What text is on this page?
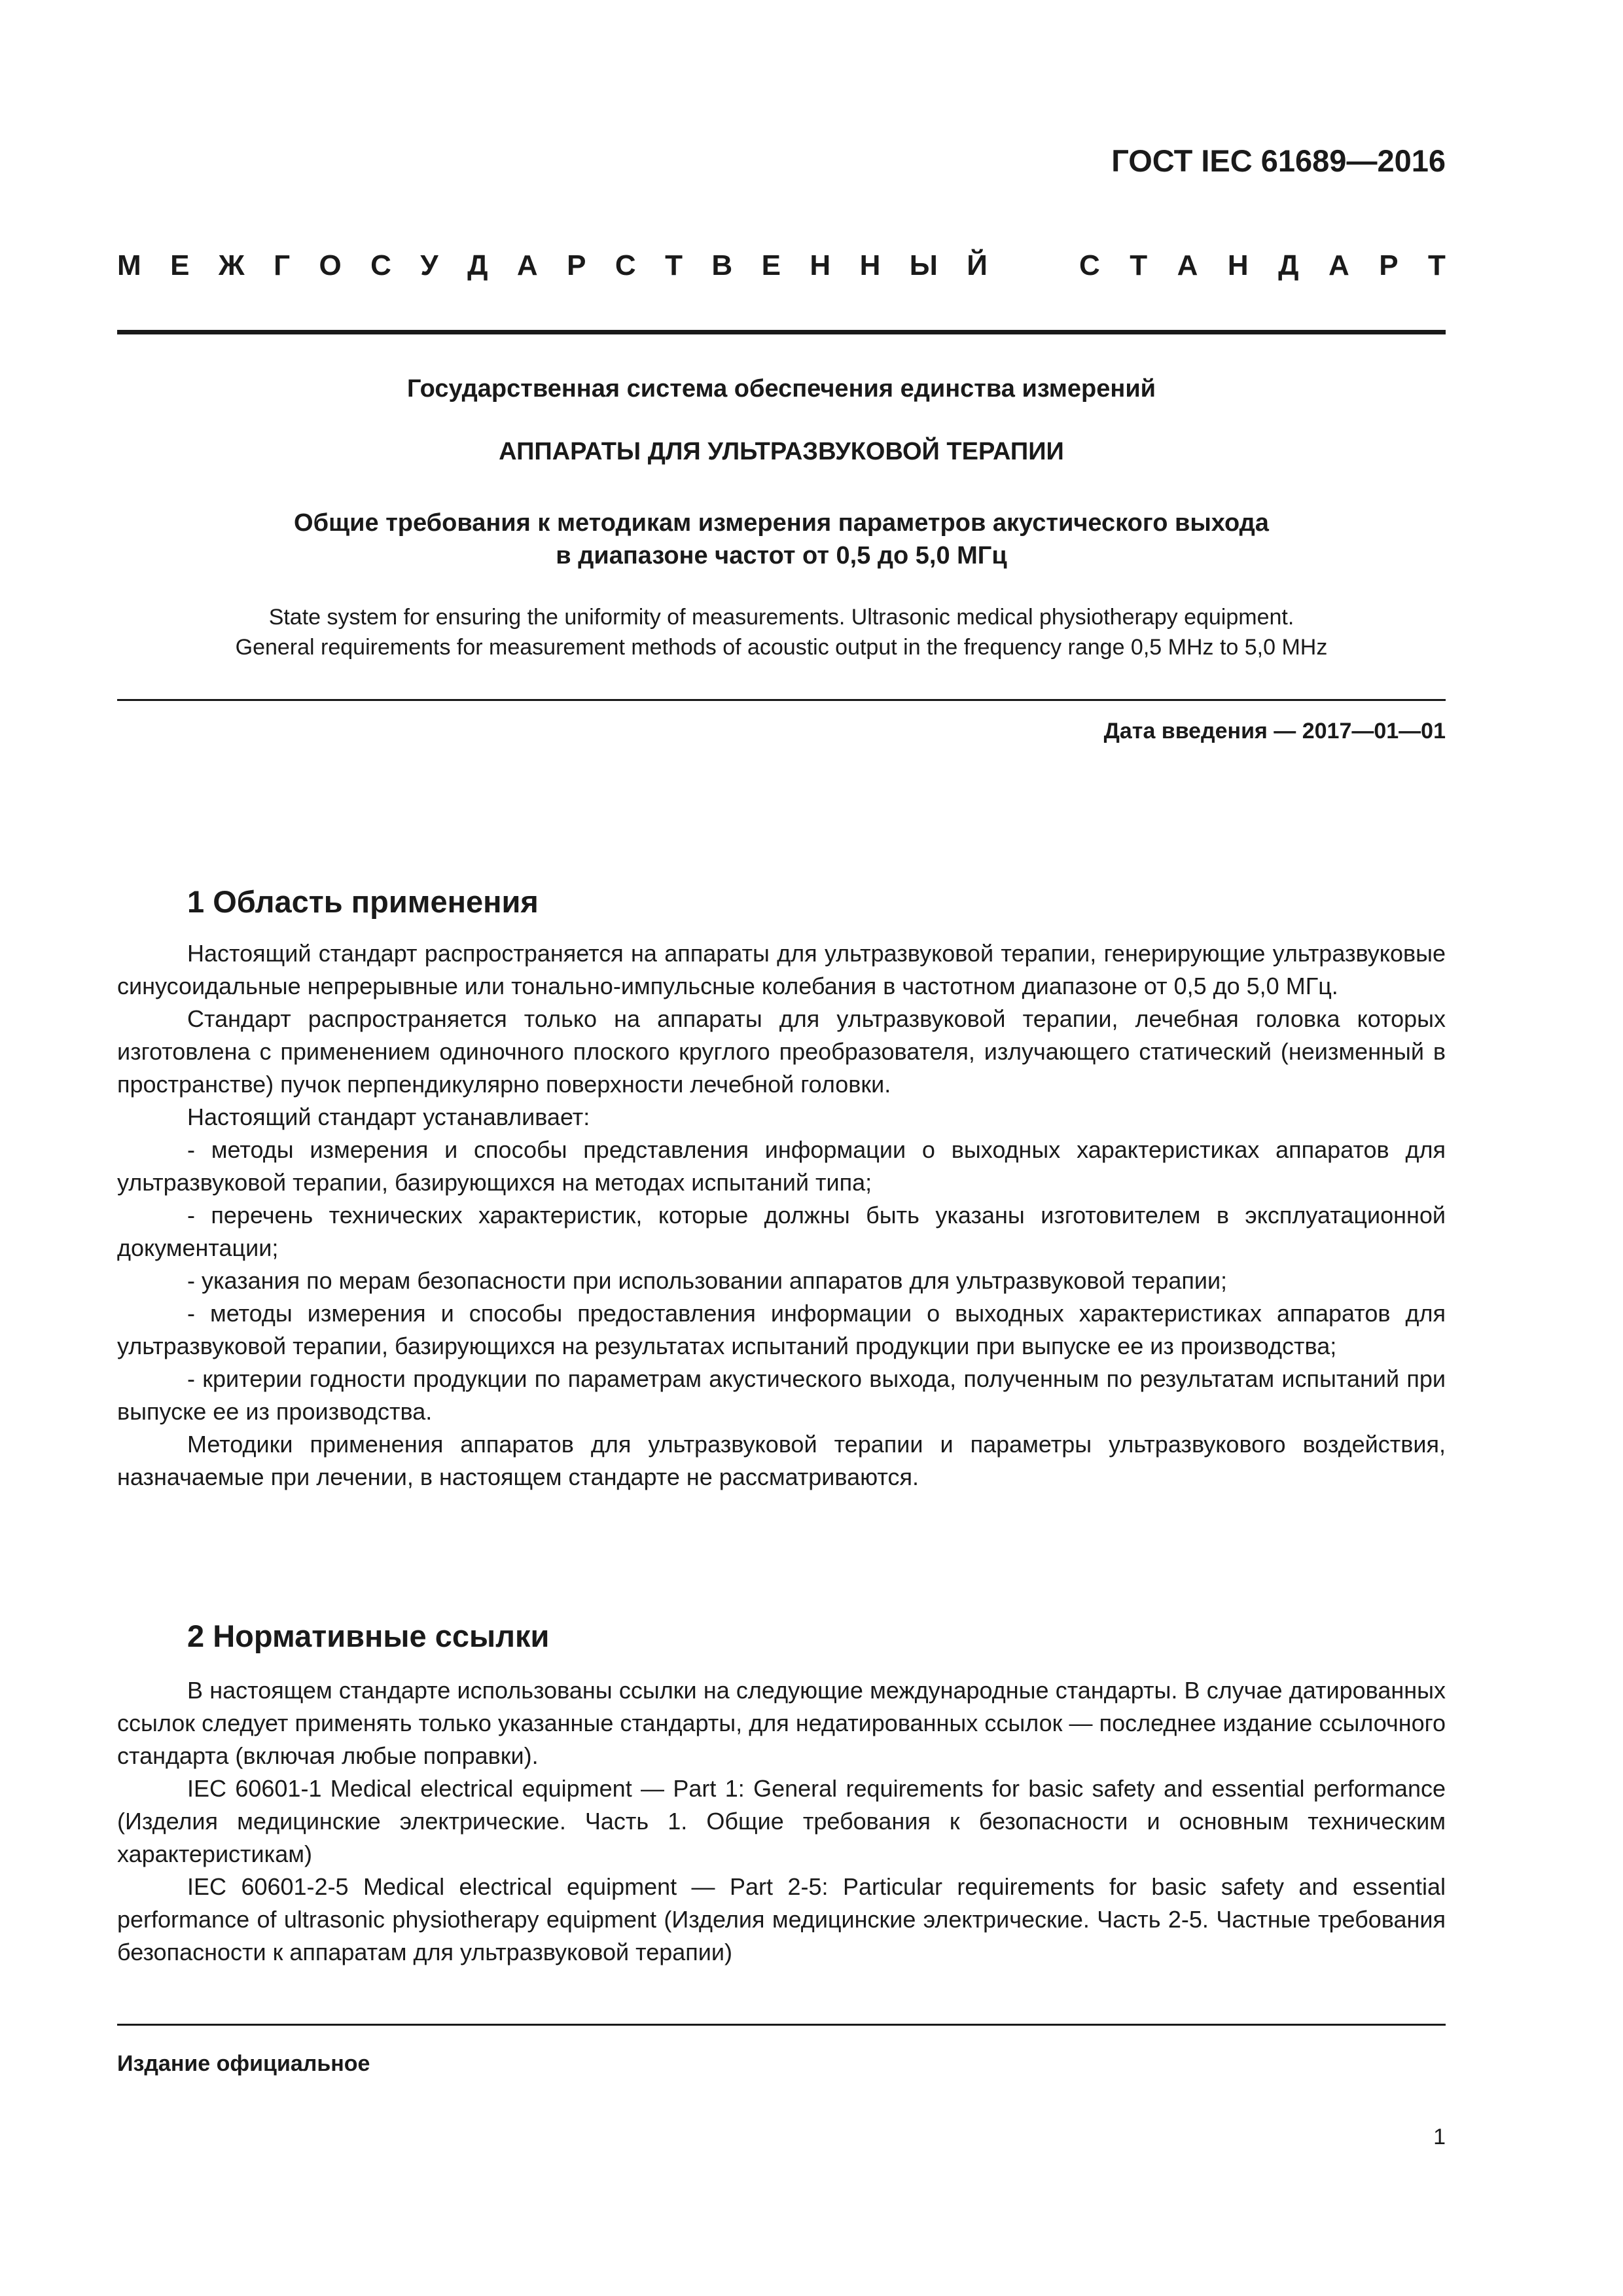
ГОСТ IEC 61689—2016
М Е Ж Г О С У Д А Р С Т В Е Н Н Ы Й	С Т А Н Д А Р Т
Государственная система обеспечения единства измерений
АППАРАТЫ ДЛЯ УЛЬТРАЗВУКОВОЙ ТЕРАПИИ
Общие требования к методикам измерения параметров акустического выхода
в диапазоне частот от 0,5 до 5,0 МГц
State system for ensuring the uniformity of measurements. Ultrasonic medical physiotherapy equipment.
General requirements for measurement methods of acoustic output in the frequency range 0,5 MHz to 5,0 MHz
Дата введения — 2017—01—01
1 Область применения

Настоящий стандарт распространяется на аппараты для ультразвуковой терапии, генерирующие ультразвуковые синусоидальные непрерывные или тонально-импульсные колебания в частотном диапазоне от 0,5 до 5,0 МГц.

Стандарт распространяется только на аппараты для ультразвуковой терапии, лечебная головка которых изготовлена с применением одиночного плоского круглого преобразователя, излучающего статический (неизменный в пространстве) пучок перпендикулярно поверхности лечебной головки.

Настоящий стандарт устанавливает:

- методы измерения и способы представления информации о выходных характеристиках аппаратов для ультразвуковой терапии, базирующихся на методах испытаний типа;

- перечень технических характеристик, которые должны быть указаны изготовителем в эксплуатационной документации;

- указания по мерам безопасности при использовании аппаратов для ультразвуковой терапии;

- методы измерения и способы предоставления информации о выходных характеристиках аппаратов для ультразвуковой терапии, базирующихся на результатах испытаний продукции при выпуске ее из производства;

- критерии годности продукции по параметрам акустического выхода, полученным по результатам испытаний при выпуске ее из производства.

Методики применения аппаратов для ультразвуковой терапии и параметры ультразвукового воздействия, назначаемые при лечении, в настоящем стандарте не рассматриваются.

2 Нормативные ссылки

В настоящем стандарте использованы ссылки на следующие международные стандарты. В случае датированных ссылок следует применять только указанные стандарты, для недатированных ссылок — последнее издание ссылочного стандарта (включая любые поправки).

IEC 60601-1 Medical electrical equipment — Part 1: General requirements for basic safety and essential performance (Изделия медицинские электрические. Часть 1. Общие требования к безопасности и основным техническим характеристикам)

IEC 60601-2-5 Medical electrical equipment — Part 2-5: Particular requirements for basic safety and essential performance of ultrasonic physiotherapy equipment (Изделия медицинские электрические. Часть 2-5. Частные требования безопасности к аппаратам для ультразвуковой терапии)

Издание официальное
1
